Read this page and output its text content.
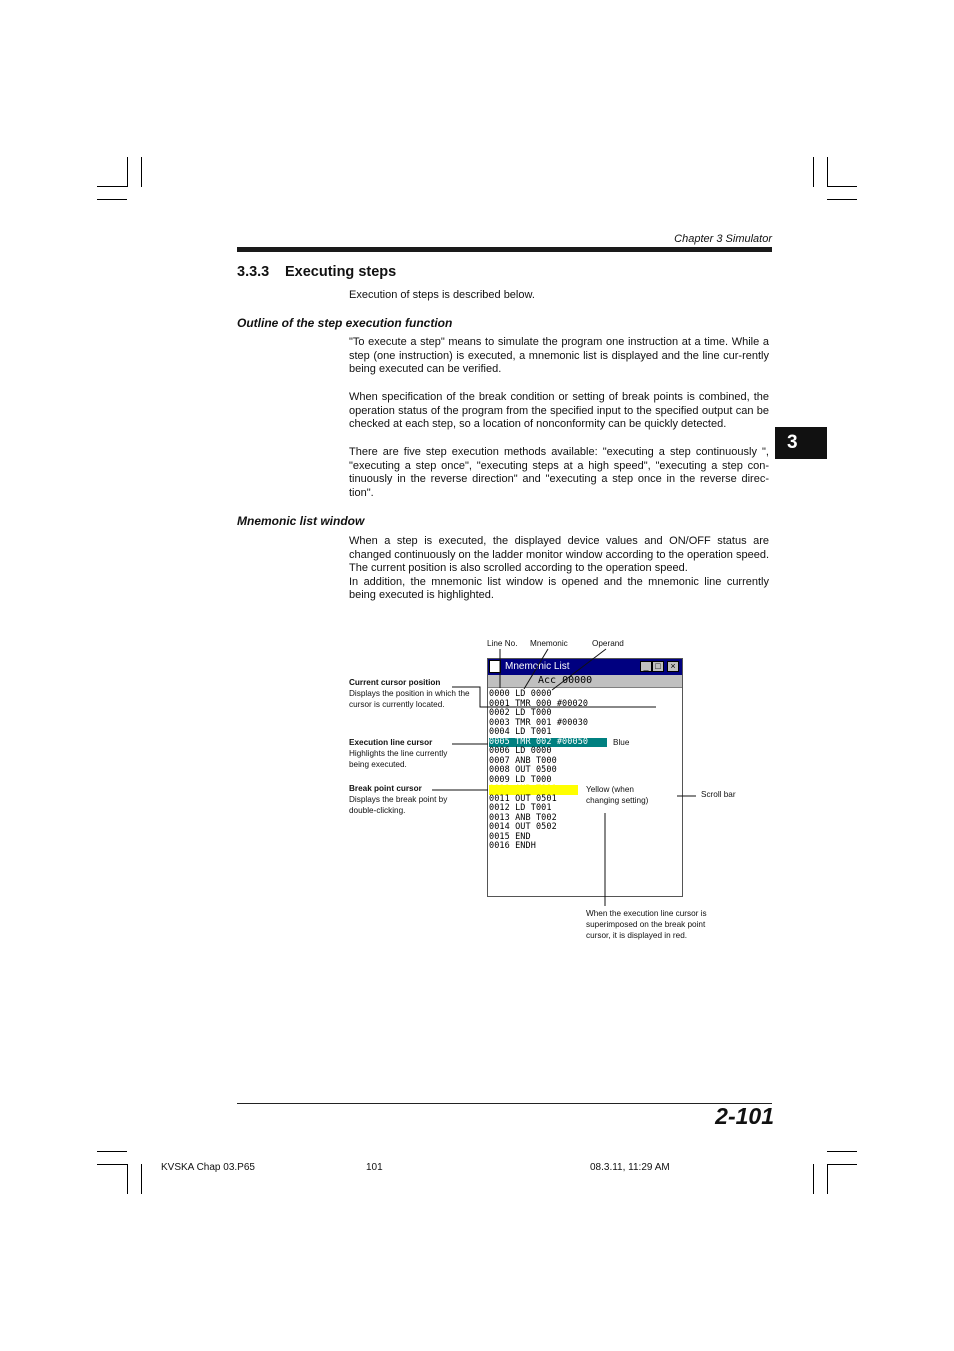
Chapter 3 Simulator
3.3.3 Executing steps
Execution of steps is described below.
Outline of the step execution function
"To execute a step" means to simulate the program one instruction at a time. While a step (one instruction) is executed, a mnemonic list is displayed and the line cur-rently being executed can be verified.
When specification of the break condition or setting of break points is combined, the operation status of the program from the specified input to the specified output can be checked at each step, so a location of nonconformity can be quickly detected.
There are five step execution methods available: "executing a step continuously ", "executing a step once", "executing steps at a high speed", "executing a step con-tinuously in the reverse direction" and "executing a step once in the reverse direc-tion".
3
Mnemonic list window
When a step is executed, the displayed device values and ON/OFF status are changed continuously on the ladder monitor window according to the operation speed. The current position is also scrolled according to the operation speed.
In addition, the mnemonic list window is opened and the mnemonic line currently being executed is highlighted.
Mnemonic List	_ □	×
Acc 00000
0000 LD 0000
0001 TMR 000 #00020
0002 LD T000
0003 TMR 001 #00030
0004 LD T001
0005 TMR 002 #00050
0006 LD 0000
0007 ANB T000
0008 OUT 0500
0009 LD T000
0010 ANB T001
0011 OUT 0501
0012 LD T001
0013 ANB T002
0014 OUT 0502
0015 END
0016 ENDH
Line No. Mnemonic	Operand
Current cursor position
Displays the position in which the cursor is currently located.
Execution line cursor
Highlights the line currently being executed.
Break point cursor
Displays the break point by double-clicking.
Blue
Yellow (when changing setting)
Scroll bar
When the execution line cursor is superimposed on the break point cursor, it is displayed in red.
2-101
KVSKA Chap 03.P65	101	08.3.11, 11:29 AM
